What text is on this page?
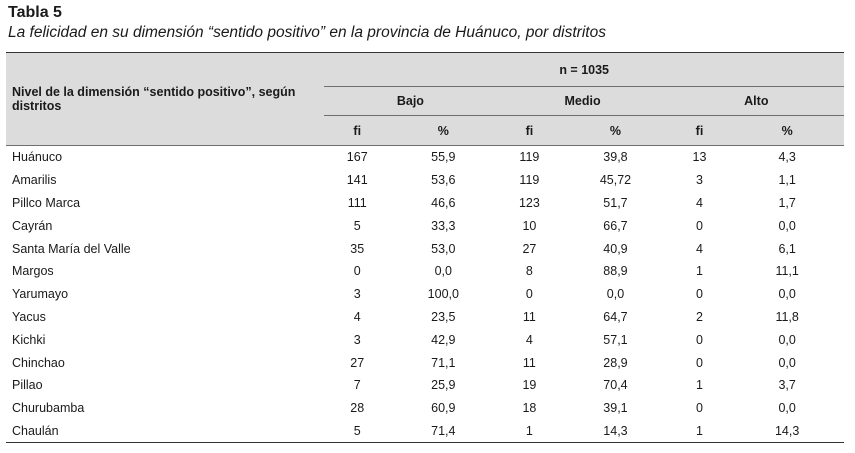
Tabla 5
La felicidad en su dimensión “sentido positivo” en la provincia de Huánuco, por distritos
Nivel de la dimensión “sentido positivo”, según distritos	n = 1035					
	Bajo		Medio		Alto	
	fi	%	fi	%	fi	%
Huánuco	167	55,9	119	39,8	13	4,3
Amarilis	141	53,6	119	45,72	3	1,1
Pillco Marca	111	46,6	123	51,7	4	1,7
Cayrán	5	33,3	10	66,7	0	0,0
Santa María del Valle	35	53,0	27	40,9	4	6,1
Margos	0	0,0	8	88,9	1	11,1
Yarumayo	3	100,0	0	0,0	0	0,0
Yacus	4	23,5	11	64,7	2	11,8
Kichki	3	42,9	4	57,1	0	0,0
Chinchao	27	71,1	11	28,9	0	0,0
Pillao	7	25,9	19	70,4	1	3,7
Churubamba	28	60,9	18	39,1	0	0,0
Chaulán	5	71,4	1	14,3	1	14,3
